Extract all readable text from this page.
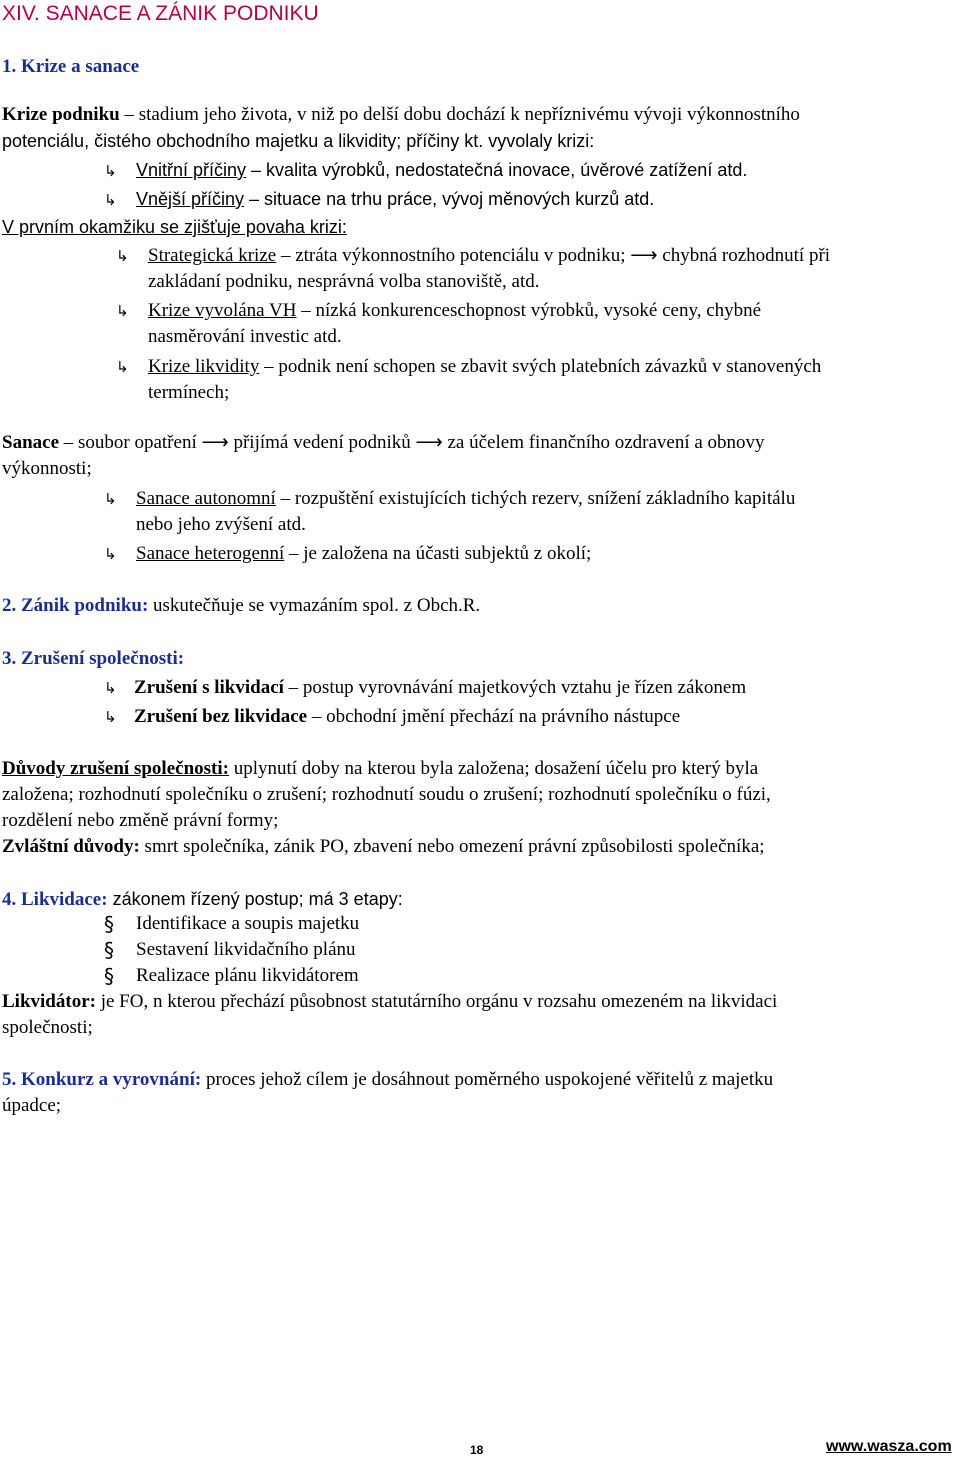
XIV. SANACE A ZÁNIK PODNIKU
1. Krize a sanace
Krize podniku – stadium jeho života, v niž po delší dobu dochází k nepříznivému vývoji výkonnostního
potenciálu, čistého obchodního majetku a likvidity; příčiny kt. vyvolaly krizi:
↳ Vnitřní příčiny – kvalita výrobků, nedostatečná inovace, úvěrové zatížení atd.
↳ Vnější příčiny – situace na trhu práce, vývoj měnových kurzů atd.
V prvním okamžiku se zjišťuje povaha krizi:
↳ Strategická krize – ztráta výkonnostního potenciálu v podniku; ⟶ chybná rozhodnutí při
zakládaní podniku, nesprávná volba stanoviště, atd.
↳ Krize vyvolána VH – nízká konkurenceschopnost výrobků, vysoké ceny, chybné
nasměrování investic atd.
↳ Krize likvidity – podnik není schopen se zbavit svých platebních závazků v stanovených
termínech;
Sanace – soubor opatření ⟶ přijímá vedení podniků ⟶ za účelem finančního ozdravení a obnovy
výkonnosti;
↳ Sanace autonomní – rozpuštění existujících tichých rezerv, snížení základního kapitálu
nebo jeho zvýšení atd.
↳ Sanace heterogenní – je založena na účasti subjektů z okolí;
2. Zánik podniku: uskutečňuje se vymazáním spol. z Obch.R.
3. Zrušení společnosti:
↳ Zrušení s likvidací – postup vyrovnávání majetkových vztahu je řízen zákonem
↳ Zrušení bez likvidace – obchodní jmění přechází na právního nástupce
Důvody zrušení společnosti: uplynutí doby na kterou byla založena; dosažení účelu pro který byla
založena; rozhodnutí společníku o zrušení; rozhodnutí soudu o zrušení; rozhodnutí společníku o fúzi,
rozdělení nebo změně právní formy;
Zvláštní důvody: smrt společníka, zánik PO, zbavení nebo omezení právní způsobilosti společníka;
4. Likvidace: zákonem řízený postup; má 3 etapy:
§ Identifikace a soupis majetku
§ Sestavení likvidačního plánu
§ Realizace plánu likvidátorem
Likvidátor: je FO, n kterou přechází působnost statutárního orgánu v rozsahu omezeném na likvidaci
společnosti;
5. Konkurz a vyrovnání: proces jehož cílem je dosáhnout poměrného uspokojené věřitelů z majetku
úpadce;
18	www.wasza.com
